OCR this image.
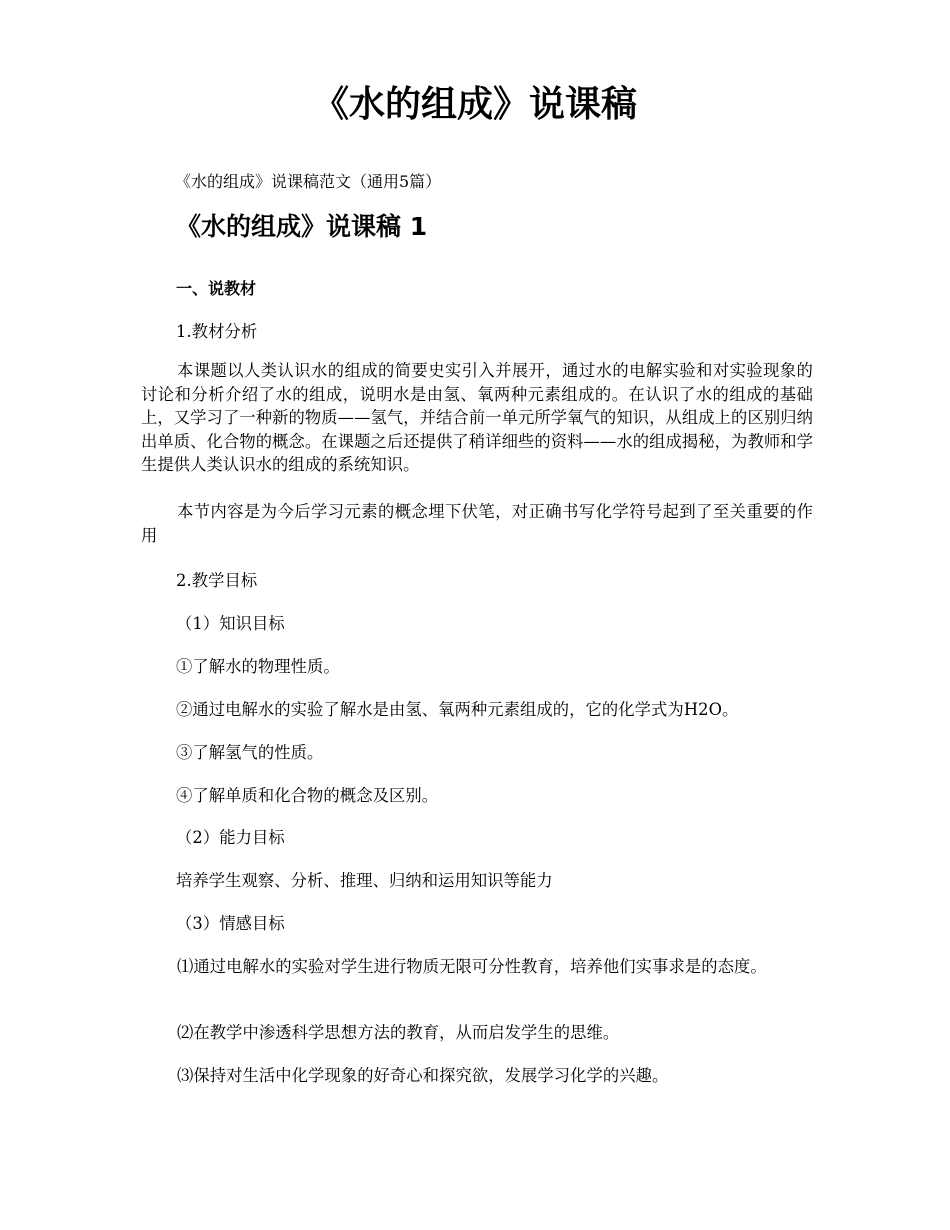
《水的组成》说课稿

《水的组成》说课稿范文（通用5篇）

《水的组成》说课稿 1
一、说教材

1.教材分析

本课题以人类认识水的组成的简要史实引入并展开，通过水的电解实验和对实验现象的讨论和分析介绍了水的组成，说明水是由氢、氧两种元素组成的。在认识了水的组成的基础上，又学习了一种新的物质——氢气，并结合前一单元所学氧气的知识，从组成上的区别归纳出单质、化合物的概念。在课题之后还提供了稍详细些的资料——水的组成揭秘，为教师和学生提供人类认识水的组成的系统知识。

本节内容是为今后学习元素的概念埋下伏笔，对正确书写化学符号起到了至关重要的作用

2.教学目标

（1）知识目标

①了解水的物理性质。

②通过电解水的实验了解水是由氢、氧两种元素组成的，它的化学式为H2O。

③了解氢气的性质。

④了解单质和化合物的概念及区别。

（2）能力目标

培养学生观察、分析、推理、归纳和运用知识等能力

（3）情感目标

⑴通过电解水的实验对学生进行物质无限可分性教育，培养他们实事求是的态度。

⑵在教学中渗透科学思想方法的教育，从而启发学生的思维。

⑶保持对生活中化学现象的好奇心和探究欲，发展学习化学的兴趣。
